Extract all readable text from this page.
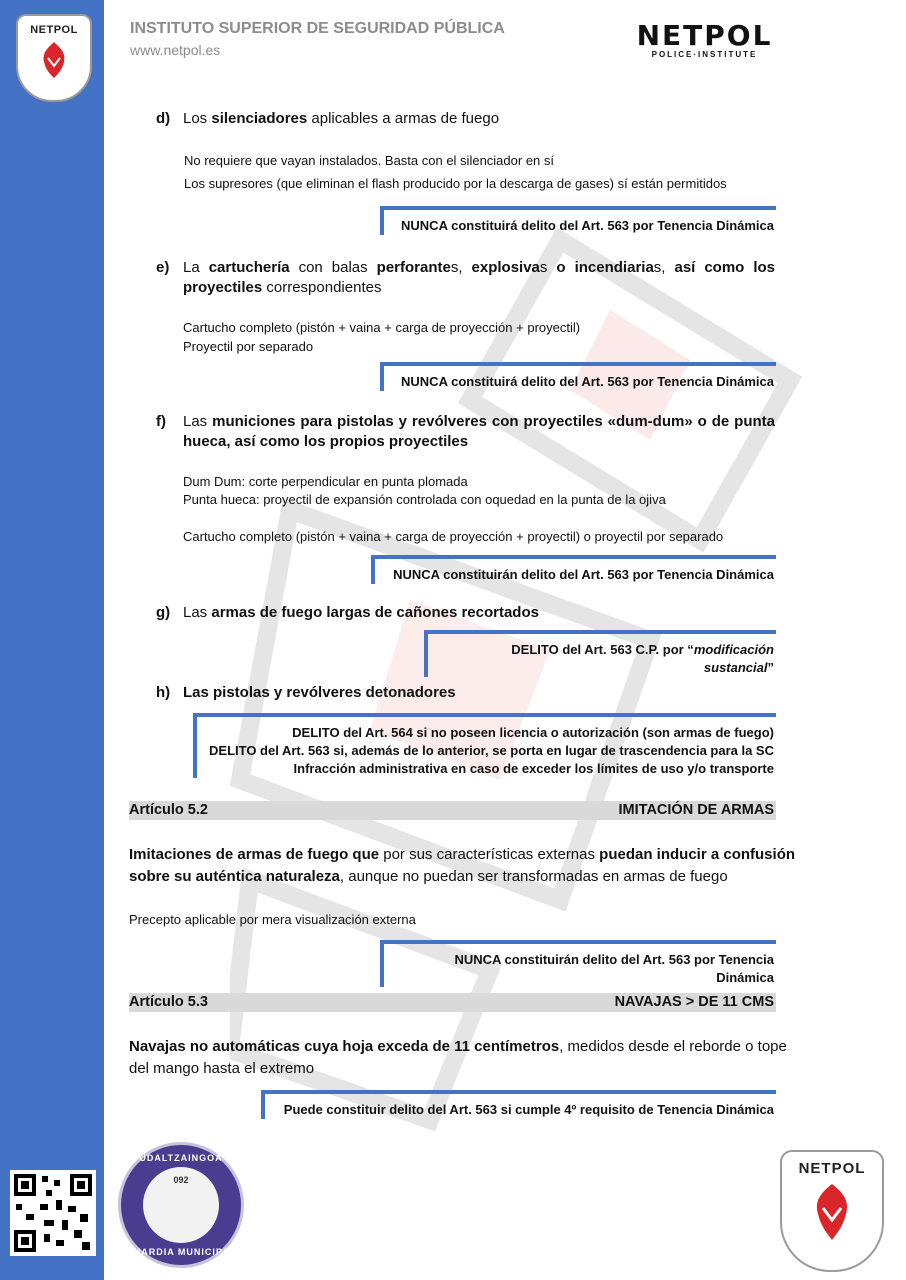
NETPOL	INSTITUTO SUPERIOR DE SEGURIDAD PÚBLICA
www.netpol.es	NETPOL
POLICE·INSTITUTE
d) Los silenciadores aplicables a armas de fuego
No requiere que vayan instalados. Basta con el silenciador en sí
Los supresores (que eliminan el flash producido por la descarga de gases) sí están permitidos
NUNCA constituirá delito del Art. 563 por Tenencia Dinámica
e) La cartuchería con balas perforantes, explosivas o incendiarias, así como los
proyectiles correspondientes
Cartucho completo (pistón + vaina + carga de proyección + proyectil)
Proyectil por separado
NUNCA constituirá delito del Art. 563 por Tenencia Dinámica
f) Las municiones para pistolas y revólveres con proyectiles «dum-dum» o de punta
hueca, así como los propios proyectiles
Dum Dum: corte perpendicular en punta plomada
Punta hueca: proyectil de expansión controlada con oquedad en la punta de la ojiva
Cartucho completo (pistón + vaina + carga de proyección + proyectil) o proyectil por separado
NUNCA constituirán delito del Art. 563 por Tenencia Dinámica
g) Las armas de fuego largas de cañones recortados
DELITO del Art. 563 C.P. por “modificación sustancial”
h) Las pistolas y revólveres detonadores
DELITO del Art. 564 si no poseen licencia o autorización (son armas de fuego)
DELITO del Art. 563 si, además de lo anterior, se porta en lugar de trascendencia para la SC
Infracción administrativa en caso de exceder los límites de uso y/o transporte
Artículo 5.2	IMITACIÓN DE ARMAS
Imitaciones de armas de fuego que por sus características externas puedan inducir a confusión
sobre su auténtica naturaleza, aunque no puedan ser transformadas en armas de fuego
Precepto aplicable por mera visualización externa
NUNCA constituirán delito del Art. 563 por Tenencia Dinámica
Artículo 5.3	NAVAJAS > DE 11 CMS
Navajas no automáticas cuya hoja exceda de 11 centímetros, medidos desde el reborde o tope
del mango hasta el extremo
Puede constituir delito del Art. 563 si cumple 4º requisito de Tenencia Dinámica
UDALTZAINGOA
092
GUARDIA MUNICIPAL
NETPOL
